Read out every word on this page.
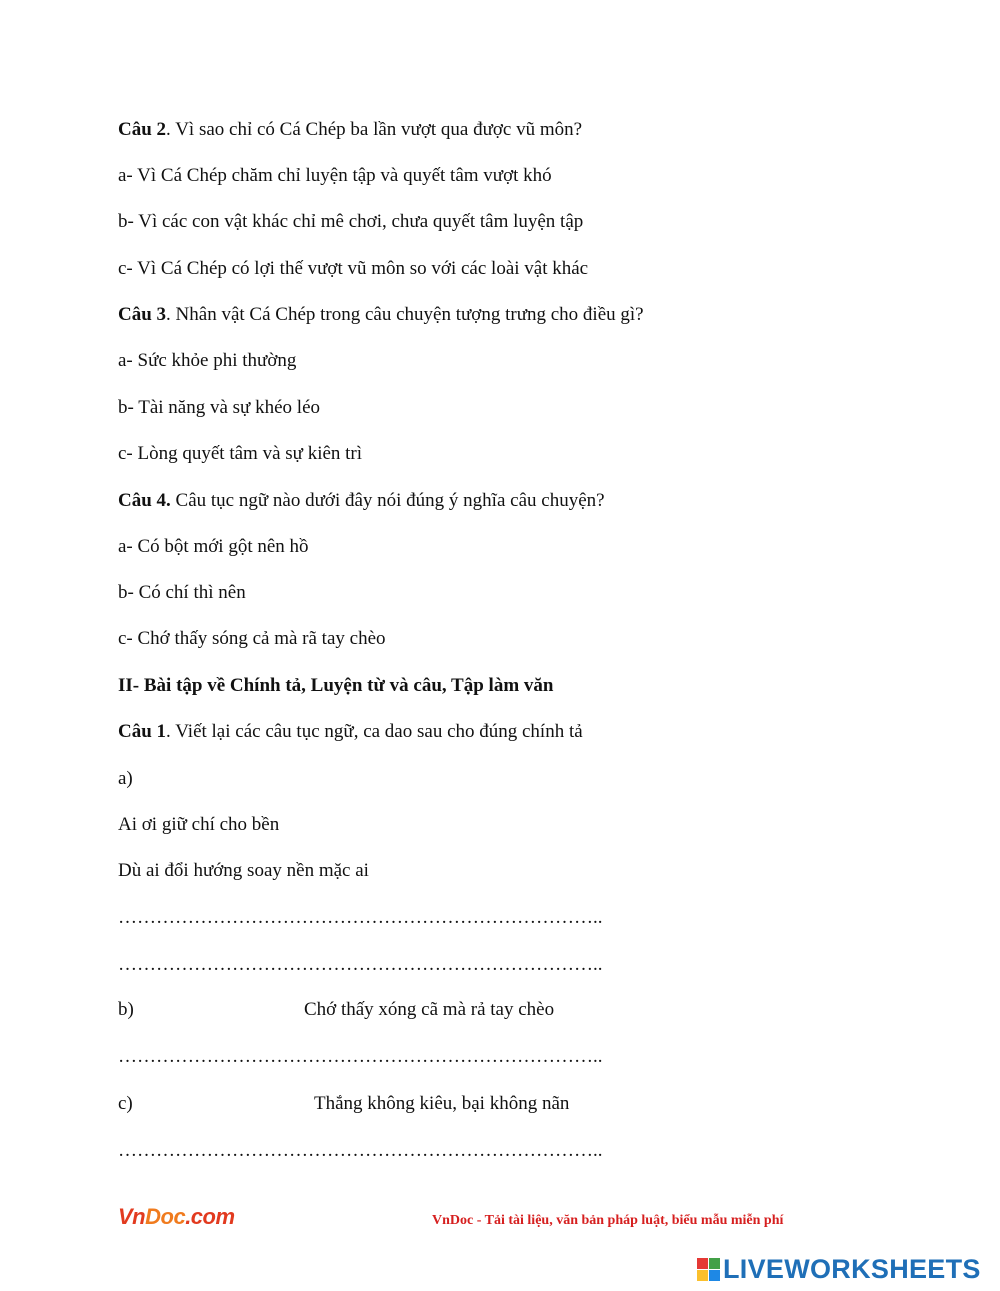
Câu 2. Vì sao chỉ có Cá Chép ba lần vượt qua được vũ môn?
a- Vì Cá Chép chăm chỉ luyện tập và quyết tâm vượt khó
b- Vì các con vật khác chỉ mê chơi, chưa quyết tâm luyện tập
c- Vì Cá Chép có lợi thế vượt vũ môn so với các loài vật khác
Câu 3. Nhân vật Cá Chép trong câu chuyện tượng trưng cho điều gì?
a- Sức khỏe phi thường
b- Tài năng và sự khéo léo
c- Lòng quyết tâm và sự kiên trì
Câu 4. Câu tục ngữ nào dưới đây nói đúng ý nghĩa câu chuyện?
a- Có bột mới gột nên hồ
b- Có chí thì nên
c- Chớ thấy sóng cả mà rã tay chèo
II- Bài tập về Chính tả, Luyện từ và câu, Tập làm văn
Câu 1. Viết lại các câu tục ngữ, ca dao sau cho đúng chính tả
a)
Ai ơi giữ chí cho bền
Dù ai đổi hướng soay nền mặc ai
…………………………………………………………………..
…………………………………………………………………..
b)	Chớ thấy xóng cã mà rả tay chèo
…………………………………………………………………..
c)	Thắng không kiêu, bại không nãn
…………………………………………………………………..
VnDoc.com	VnDoc - Tải tài liệu, văn bản pháp luật, biểu mẫu miễn phí
LIVEWORKSHEETS
